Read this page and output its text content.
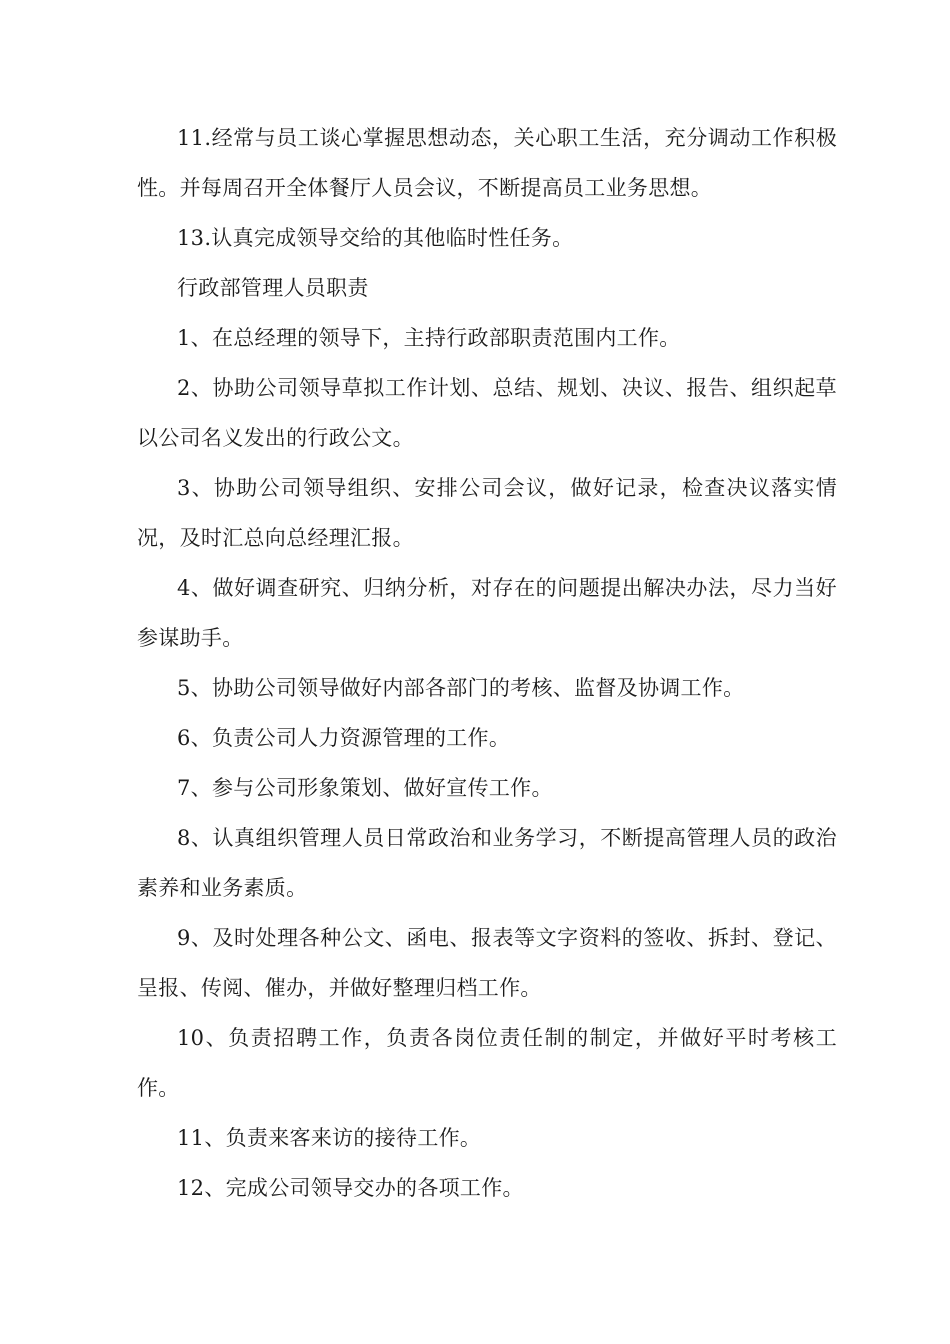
11.经常与员工谈心掌握思想动态，关心职工生活，充分调动工作积极性。并每周召开全体餐厅人员会议，不断提高员工业务思想。

13.认真完成领导交给的其他临时性任务。

行政部管理人员职责

1、在总经理的领导下，主持行政部职责范围内工作。

2、协助公司领导草拟工作计划、总结、规划、决议、报告、组织起草以公司名义发出的行政公文。

3、协助公司领导组织、安排公司会议，做好记录，检查决议落实情况，及时汇总向总经理汇报。

4、做好调查研究、归纳分析，对存在的问题提出解决办法，尽力当好参谋助手。

5、协助公司领导做好内部各部门的考核、监督及协调工作。

6、负责公司人力资源管理的工作。

7、参与公司形象策划、做好宣传工作。

8、认真组织管理人员日常政治和业务学习，不断提高管理人员的政治素养和业务素质。

9、及时处理各种公文、函电、报表等文字资料的签收、拆封、登记、呈报、传阅、催办，并做好整理归档工作。

10、负责招聘工作，负责各岗位责任制的制定，并做好平时考核工作。

11、负责来客来访的接待工作。

12、完成公司领导交办的各项工作。
